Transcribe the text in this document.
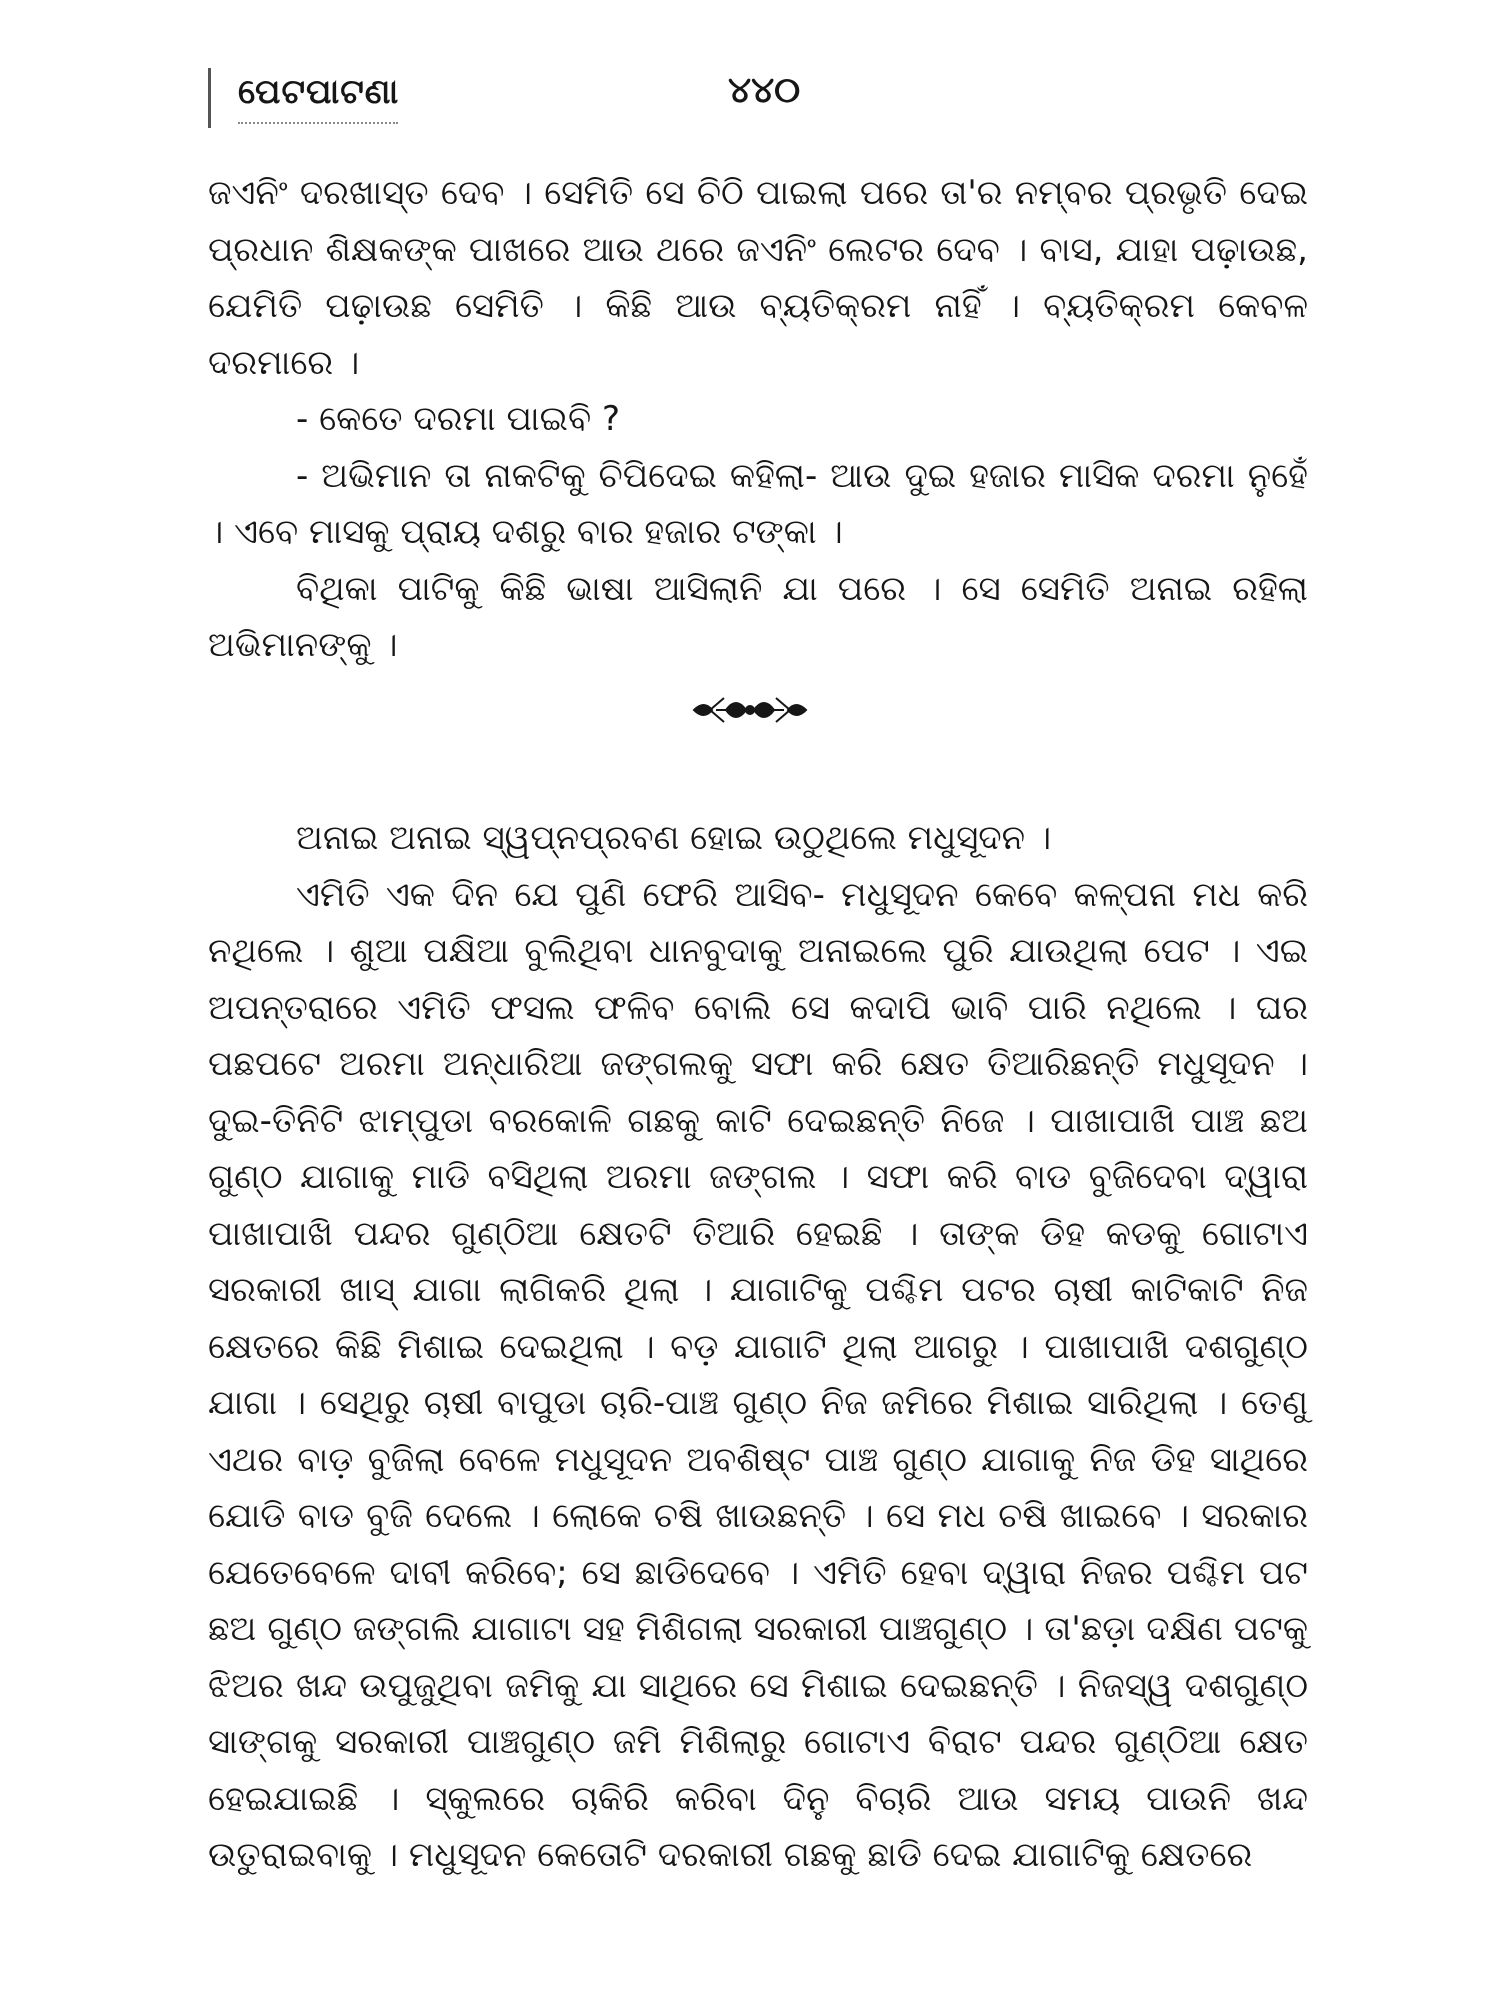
ପେଟପାଟଣା	୪୪୦

ଜଏନିଂ ଦରଖାସ୍ତ ଦେବ । ସେମିତି ସେ ଚିଠି ପାଇଲା ପରେ ତା'ର ନମ୍ବର ପ୍ରଭୃତି ଦେଇ ପ୍ରଧାନ ଶିକ୍ଷକଙ୍କ ପାଖରେ ଆଉ ଥରେ ଜଏନିଂ ଲେଟର ଦେବ । ବାସ, ଯାହା ପଢ଼ାଉଛ, ଯେମିତି ପଢ଼ାଉଛ ସେମିତି । କିଛି ଆଉ ବ୍ୟତିକ୍ରମ ନାହିଁ । ବ୍ୟତିକ୍ରମ କେବଳ ଦରମାରେ ।

- କେତେ ଦରମା ପାଇବି ?

- ଅଭିମାନ ତା ନାକଟିକୁ ଚିପିଦେଇ କହିଲା- ଆଉ ଦୁଇ ହଜାର ମାସିକ ଦରମା ନୁହେଁ । ଏବେ ମାସକୁ ପ୍ରାୟ ଦଶରୁ ବାର ହଜାର ଟଙ୍କା ।

ବିଥିକା ପାଟିକୁ କିଛି ଭାଷା ଆସିଲାନି ଯା ପରେ । ସେ ସେମିତି ଅନାଇ ରହିଲା ଅଭିମାନଙ୍କୁ ।

ଅନାଇ ଅନାଇ ସ୍ୱପ୍ନପ୍ରବଣ ହୋଇ ଉଠୁଥିଲେ ମଧୁସୂଦନ ।

ଏମିତି ଏକ ଦିନ ଯେ ପୁଣି ଫେରି ଆସିବ- ମଧୁସୂଦନ କେବେ କଳ୍ପନା ମଧ କରି ନଥିଲେ । ଶୁଆ ପକ୍ଷିଆ ବୁଲିଥିବା ଧାନବୁଦାକୁ ଅନାଇଲେ ପୁରି ଯାଉଥିଲା ପେଟ । ଏଇ ଅପନ୍ତରାରେ ଏମିତି ଫସଲ ଫଳିବ ବୋଲି ସେ କଦାପି ଭାବି ପାରି ନଥିଲେ । ଘର ପଛପଟେ ଅରମା ଅନ୍ଧାରିଆ ଜଙ୍ଗଲକୁ ସଫା କରି କ୍ଷେତ ତିଆରିଛନ୍ତି ମଧୁସୂଦନ । ଦୁଇ-ତିନିଟି ଝାମ୍ପୁଡା ବରକୋଳି ଗଛକୁ କାଟି ଦେଇଛନ୍ତି ନିଜେ । ପାଖାପାଖି ପାଞ୍ଚ ଛଅ ଗୁଣ୍ଠ ଯାଗାକୁ ମାଡି ବସିଥିଲା ଅରମା ଜଙ୍ଗଲ । ସଫା କରି ବାଡ ବୁଜିଦେବା ଦ୍ୱାରା ପାଖାପାଖି ପନ୍ଦର ଗୁଣ୍ଠିଆ କ୍ଷେତଟି ତିଆରି ହେଇଛି । ତାଙ୍କ ଡିହ କଡକୁ ଗୋଟାଏ ସରକାରୀ ଖାସ୍ ଯାଗା ଲାଗିକରି ଥିଲା । ଯାଗାଟିକୁ ପଶ୍ଚିମ ପଟର ଚାଷୀ କାଟିକାଟି ନିଜ କ୍ଷେତରେ କିଛି ମିଶାଇ ଦେଇଥିଲା । ବଡ଼ ଯାଗାଟି ଥିଲା ଆଗରୁ । ପାଖାପାଖି ଦଶଗୁଣ୍ଠ ଯାଗା । ସେଥିରୁ ଚାଷୀ ବାପୁଡା ଚାରି-ପାଞ୍ଚ ଗୁଣ୍ଠ ନିଜ ଜମିରେ ମିଶାଇ ସାରିଥିଲା । ତେଣୁ ଏଥର ବାଡ଼ ବୁଜିଲା ବେଳେ ମଧୁସୂଦନ ଅବଶିଷ୍ଟ ପାଞ୍ଚ ଗୁଣ୍ଠ ଯାଗାକୁ ନିଜ ଡିହ ସାଥିରେ ଯୋଡି ବାଡ ବୁଜି ଦେଲେ । ଲୋକେ ଚଷି ଖାଉଛନ୍ତି । ସେ ମଧ ଚଷି ଖାଇବେ । ସରକାର ଯେତେବେଳେ ଦାବୀ କରିବେ; ସେ ଛାଡିଦେବେ । ଏମିତି ହେବା ଦ୍ୱାରା ନିଜର ପଶ୍ଚିମ ପଟ ଛଅ ଗୁଣ୍ଠ ଜଙ୍ଗଲି ଯାଗାଟା ସହ ମିଶିଗଲା ସରକାରୀ ପାଞ୍ଚଗୁଣ୍ଠ । ତା'ଛଡ଼ା ଦକ୍ଷିଣ ପଟକୁ ଝିଅର ଖନ୍ଦ ଉପୁଜୁଥିବା ଜମିକୁ ଯା ସାଥିରେ ସେ ମିଶାଇ ଦେଇଛନ୍ତି । ନିଜସ୍ୱ ଦଶଗୁଣ୍ଠ ସାଙ୍ଗକୁ ସରକାରୀ ପାଞ୍ଚଗୁଣ୍ଠ ଜମି ମିଶିଲାରୁ ଗୋଟାଏ ବିରାଟ ପନ୍ଦର ଗୁଣ୍ଠିଆ କ୍ଷେତ ହେଇଯାଇଛି । ସ୍କୁଲରେ ଚାକିରି କରିବା ଦିନୁ ବିଚାରି ଆଉ ସମୟ ପାଉନି ଖନ୍ଦ ଉତୁରାଇବାକୁ । ମଧୁସୂଦନ କେତୋଟି ଦରକାରୀ ଗଛକୁ ଛାଡି ଦେଇ ଯାଗାଟିକୁ କ୍ଷେତରେ
